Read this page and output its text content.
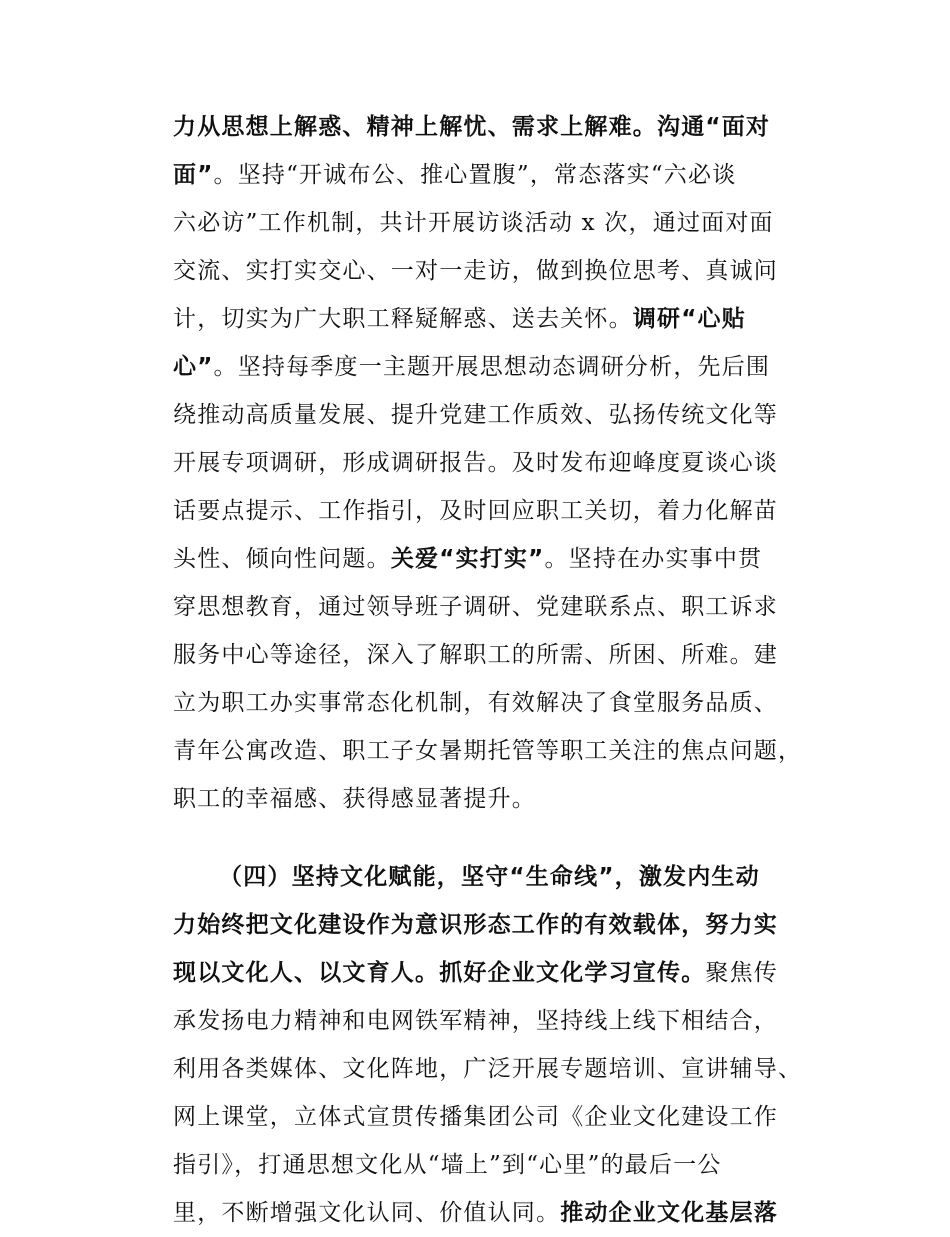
力从思想上解惑、精神上解忧、需求上解难。沟通“面对
面”。坚持“开诚布公、推心置腹”，常态落实“六必谈
六必访”工作机制，共计开展访谈活动 x 次，通过面对面
交流、实打实交心、一对一走访，做到换位思考、真诚问
计，切实为广大职工释疑解惑、送去关怀。调研“心贴
心”。坚持每季度一主题开展思想动态调研分析，先后围
绕推动高质量发展、提升党建工作质效、弘扬传统文化等
开展专项调研，形成调研报告。及时发布迎峰度夏谈心谈
话要点提示、工作指引，及时回应职工关切，着力化解苗
头性、倾向性问题。关爱“实打实”。坚持在办实事中贯
穿思想教育，通过领导班子调研、党建联系点、职工诉求
服务中心等途径，深入了解职工的所需、所困、所难。建
立为职工办实事常态化机制，有效解决了食堂服务品质、
青年公寓改造、职工子女暑期托管等职工关注的焦点问题，
职工的幸福感、获得感显著提升。
（四）坚持文化赋能，坚守“生命线”，激发内生动
力始终把文化建设作为意识形态工作的有效载体，努力实
现以文化人、以文育人。抓好企业文化学习宣传。聚焦传
承发扬电力精神和电网铁军精神，坚持线上线下相结合，
利用各类媒体、文化阵地，广泛开展专题培训、宣讲辅导、
网上课堂，立体式宣贯传播集团公司《企业文化建设工作
指引》，打通思想文化从“墙上”到“心里”的最后一公
里，不断增强文化认同、价值认同。推动企业文化基层落
